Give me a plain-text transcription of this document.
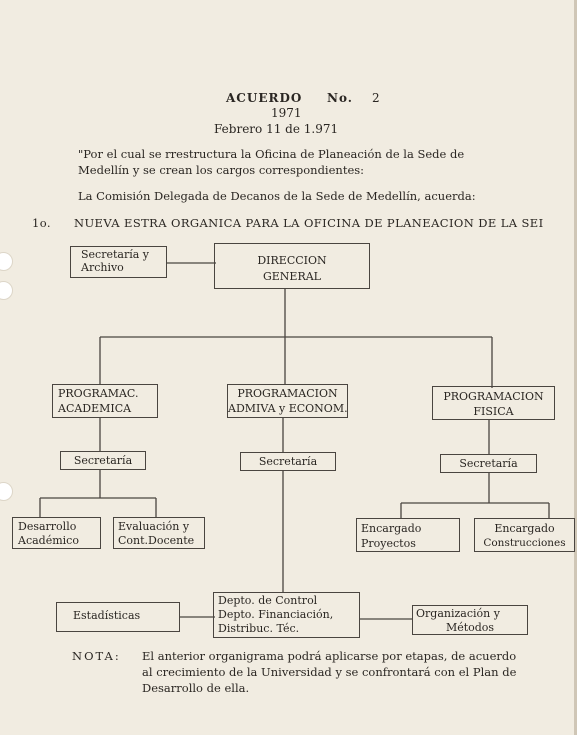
ACUERDO No. 2
1971
Febrero 11 de 1.971
"Por el cual se rrestructura la Oficina de Planeación de la Sede de
Medellín y se crean los cargos correspondientes:
La Comisión Delegada de Decanos de la Sede de Medellín, acuerda:
1o. NUEVA ESTRA ORGANICA PARA LA OFICINA DE PLANEACION DE LA SEI
Secretaría y
Archivo
DIRECCION
GENERAL
PROGRAMAC.
ACADEMICA
PROGRAMACION
ADMIVA y ECONOM.
PROGRAMACION
FISICA
Secretaría	Secretaría	Secretaría
Desarrollo
Académico
Evaluación y
Cont.Docente
Encargado
Proyectos
Encargado
Construcciones
Depto. de Control
Depto. Financiación,
Distribuc. Téc.
Estadísticas	Organización y
Métodos
NOTA: El anterior organigrama podrá aplicarse por etapas, de acuerdo
al crecimiento de la Universidad y se confrontará con el Plan de
Desarrollo de ella.
